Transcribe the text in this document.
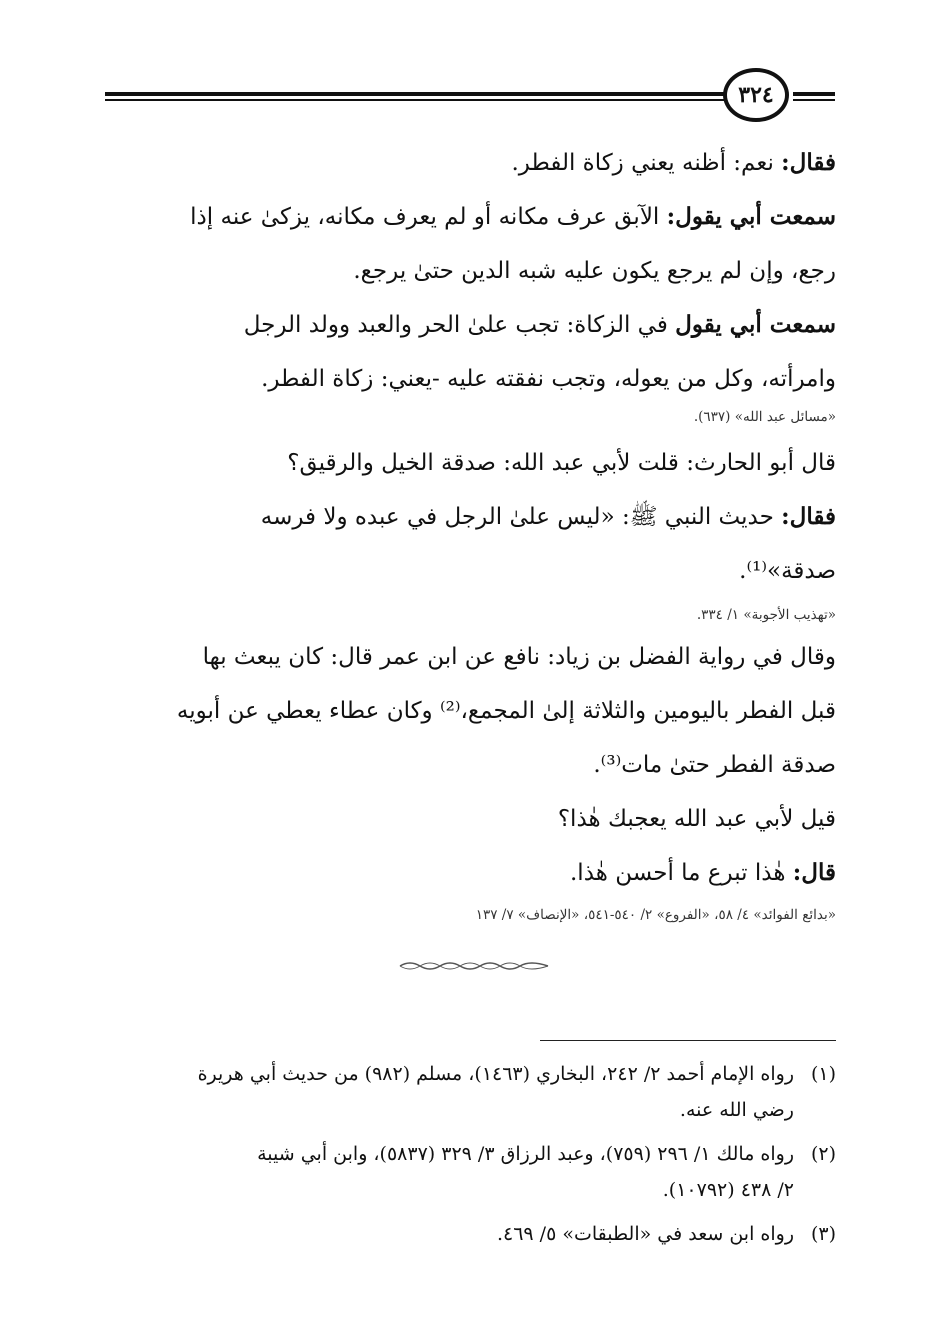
٣٢٤
فقال: نعم: أظنه يعني زكاة الفطر.
سمعت أبي يقول: الآبق عرف مكانه أو لم يعرف مكانه، يزكىٰ عنه إذا
رجع، وإن لم يرجع يكون عليه شبه الدين حتىٰ يرجع.
سمعت أبي يقول في الزكاة: تجب علىٰ الحر والعبد وولد الرجل
وامرأته، وكل من يعوله، وتجب نفقته عليه -يعني: زكاة الفطر.
«مسائل عبد الله» (٦٣٧).
قال أبو الحارث: قلت لأبي عبد الله: صدقة الخيل والرقيق؟
فقال: حديث النبي ﷺ: «ليس علىٰ الرجل في عبده ولا فرسه
صدقة»⁽¹⁾.
«تهذيب الأجوبة» ١/ ٣٣٤.
وقال في رواية الفضل بن زياد: نافع عن ابن عمر قال: كان يبعث بها
قبل الفطر باليومين والثلاثة إلىٰ المجمع،⁽²⁾ وكان عطاء يعطي عن أبويه
صدقة الفطر حتىٰ مات⁽³⁾.
قيل لأبي عبد الله يعجبك هٰذا؟
قال: هٰذا تبرع ما أحسن هٰذا.
«بدائع الفوائد» ٤/ ٥٨، «الفروع» ٢/ ٥٤٠-٥٤١، «الإنصاف» ٧/ ١٣٧
(١)رواه الإمام أحمد ٢/ ٢٤٢، البخاري (١٤٦٣)، مسلم (٩٨٢) من حديث أبي هريرة
رضي الله عنه.
(٢)رواه مالك ١/ ٢٩٦ (٧٥٩)، وعبد الرزاق ٣/ ٣٢٩ (٥٨٣٧)، وابن أبي شيبة
٢/ ٤٣٨ (١٠٧٩٢).
(٣)رواه ابن سعد في «الطبقات» ٥/ ٤٦٩.
